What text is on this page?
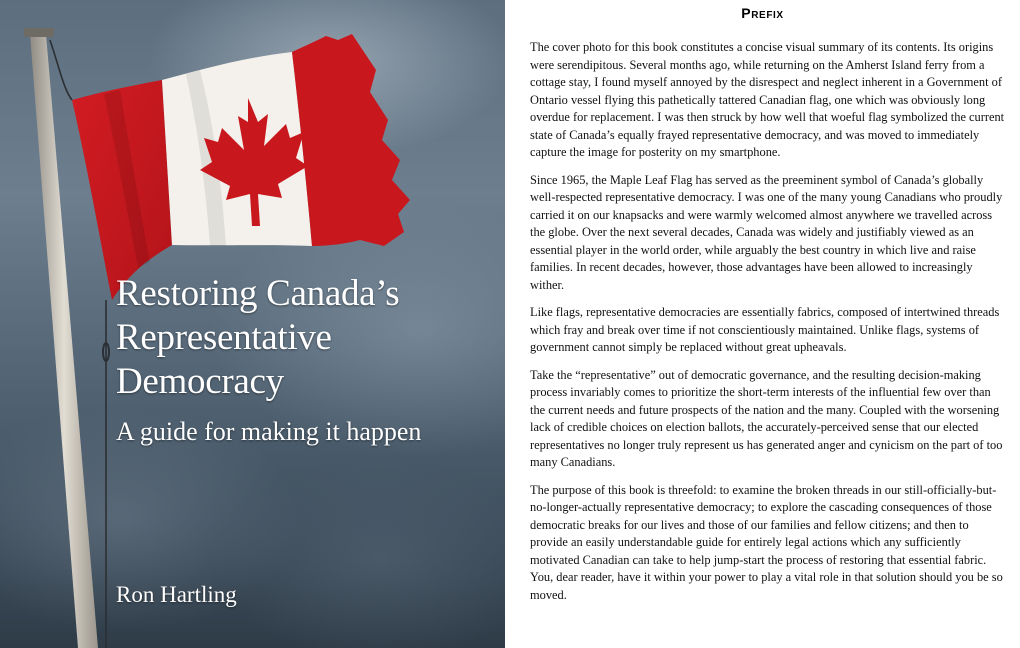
Restoring Canada’s
Representative
Democracy
A guide for making it happen
Ron Hartling
Prefix

The cover photo for this book constitutes a concise visual summary of its contents. Its origins were serendipitous. Several months ago, while returning on the Amherst Island ferry from a cottage stay, I found myself annoyed by the disrespect and neglect inherent in a Government of Ontario vessel flying this pathetically tattered Canadian flag, one which was obviously long overdue for replacement. I was then struck by how well that woeful flag symbolized the current state of Canada’s equally frayed representative democracy, and was moved to immediately capture the image for posterity on my smartphone.

Since 1965, the Maple Leaf Flag has served as the preeminent symbol of Canada’s globally well-respected representative democracy. I was one of the many young Canadians who proudly carried it on our knapsacks and were warmly welcomed almost anywhere we travelled across the globe. Over the next several decades, Canada was widely and justifiably viewed as an essential player in the world order, while arguably the best country in which live and raise families. In recent decades, however, those advantages have been allowed to increasingly wither.

Like flags, representative democracies are essentially fabrics, composed of intertwined threads which fray and break over time if not conscientiously maintained. Unlike flags, systems of government cannot simply be replaced without great upheavals.

Take the “representative” out of democratic governance, and the resulting decision-making process invariably comes to prioritize the short-term interests of the influential few over than the current needs and future prospects of the nation and the many. Coupled with the worsening lack of credible choices on election ballots, the accurately-perceived sense that our elected representatives no longer truly represent us has generated anger and cynicism on the part of too many Canadians.

The purpose of this book is threefold: to examine the broken threads in our still-officially-but-no-longer-actually representative democracy; to explore the cascading consequences of those democratic breaks for our lives and those of our families and fellow citizens; and then to provide an easily understandable guide for entirely legal actions which any sufficiently motivated Canadian can take to help jump-start the process of restoring that essential fabric. You, dear reader, have it within your power to play a vital role in that solution should you be so moved.
